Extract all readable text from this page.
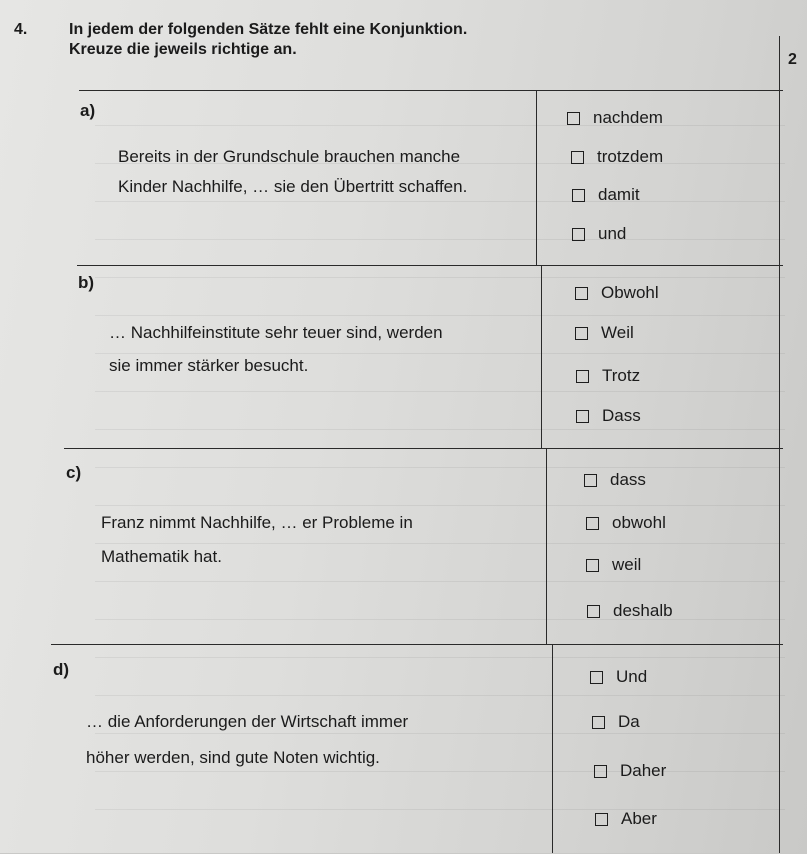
4.	In jedem der folgenden Sätze fehlt eine Konjunktion.
Kreuze die jeweils richtige an.
2
a)
Bereits in der Grundschule brauchen manche
Kinder Nachhilfe, … sie den Übertritt schaffen.
nachdem
trotzdem
damit
und
b)
… Nachhilfeinstitute sehr teuer sind, werden
sie immer stärker besucht.
Obwohl
Weil
Trotz
Dass
c)
Franz nimmt Nachhilfe, … er Probleme in
Mathematik hat.
dass
obwohl
weil
deshalb
d)
… die Anforderungen der Wirtschaft immer
höher werden, sind gute Noten wichtig.
Und
Da
Daher
Aber
